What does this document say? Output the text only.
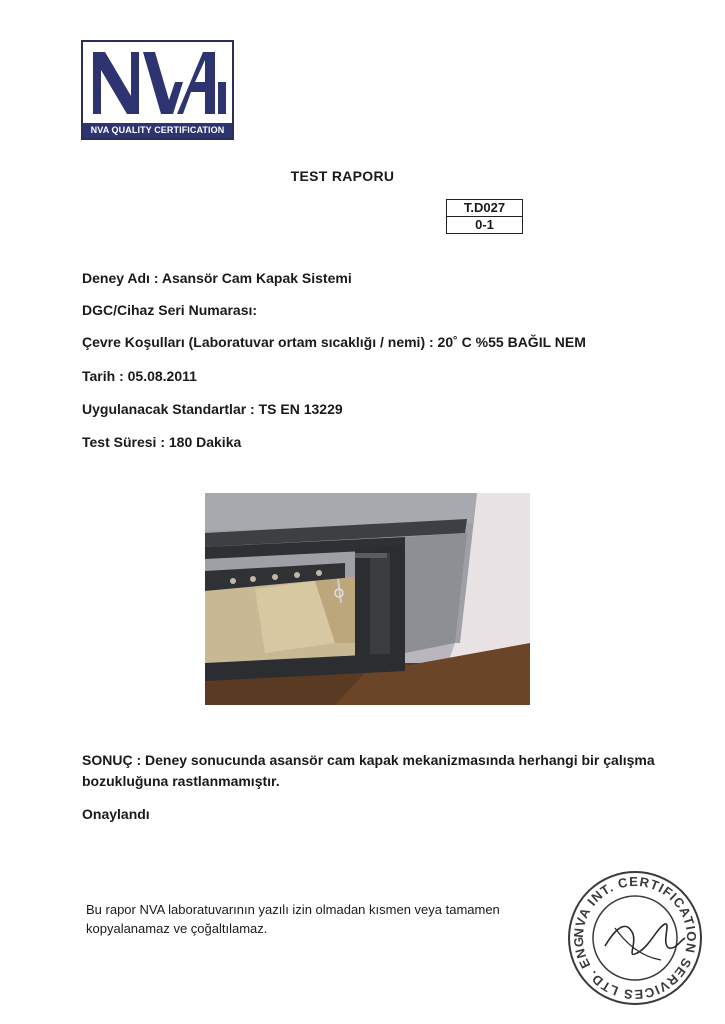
NVA QUALITY CERTIFICATION
TEST RAPORU
T.D027
0-1
Deney Adı : Asansör Cam Kapak Sistemi
DGC/Cihaz Seri Numarası:
Çevre Koşulları (Laboratuvar ortam sıcaklığı / nemi) : 20˚ C %55 BAĞIL NEM
Tarih : 05.08.2011
Uygulanacak Standartlar : TS EN 13229
Test Süresi : 180 Dakika
SONUÇ : Deney sonucunda asansör cam kapak mekanizmasında herhangi bir çalışma bozukluğuna rastlanmamıştır.
Onaylandı
Bu rapor NVA laboratuvarının yazılı izin olmadan kısmen veya tamamen kopyalanamaz ve çoğaltılamaz.	NVA INT. CERTIFICATION SERVICES LTD. ENG
